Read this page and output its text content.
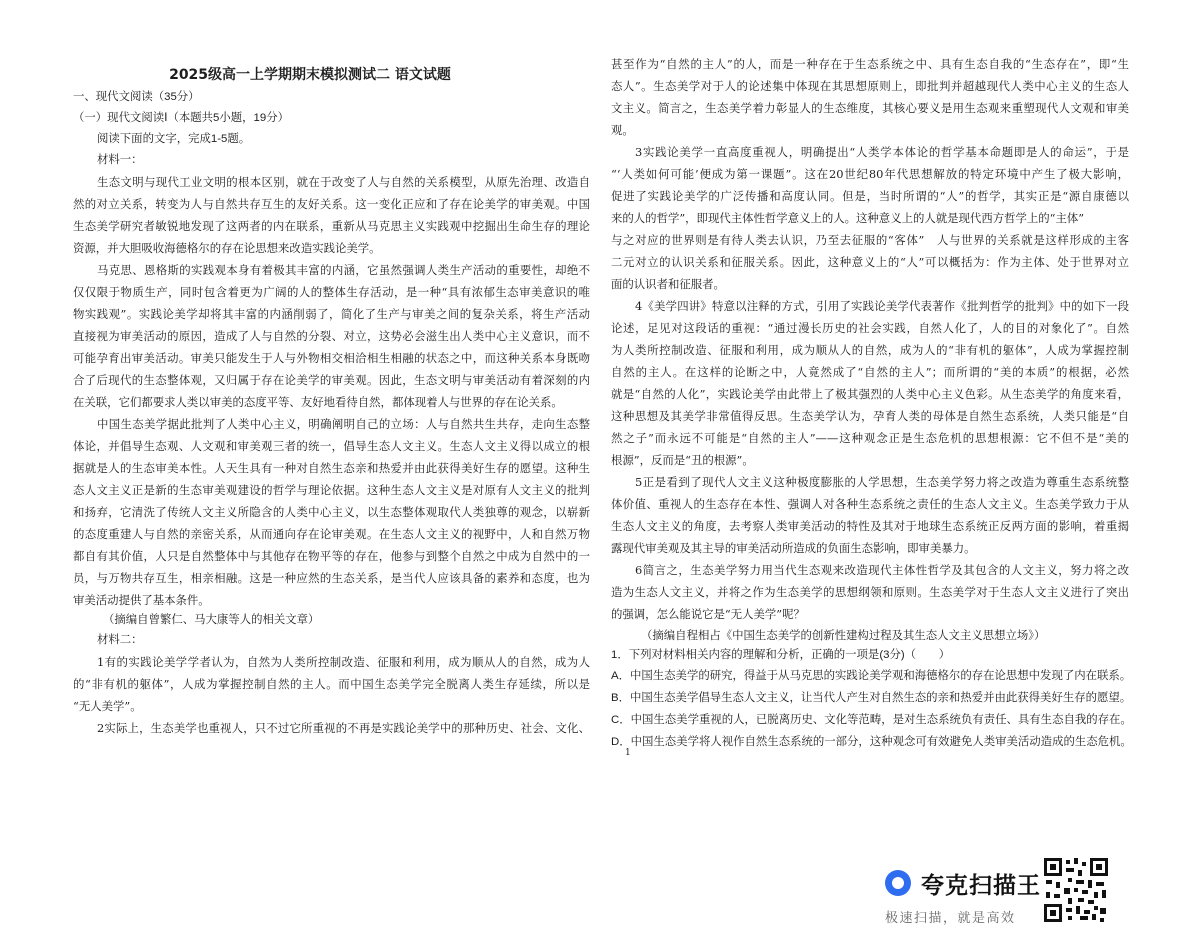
2025级高一上学期期末模拟测试二 语文试题
一、现代文阅读（35分）
（一）现代文阅读Ⅰ（本题共5小题，19分）
阅读下面的文字，完成1-5题。
材料一：
生态文明与现代工业文明的根本区别，就在于改变了人与自然的关系模型，从原先治理、改造自
然的对立关系，转变为人与自然共存互生的友好关系。这一变化正应和了存在论美学的审美观。中国
生态美学研究者敏锐地发现了这两者的内在联系，重新从马克思主义实践观中挖掘出生命生存的理论
资源，并大胆吸收海德格尔的存在论思想来改造实践论美学。
马克思、恩格斯的实践观本身有着极其丰富的内涵，它虽然强调人类生产活动的重要性，却绝不
仅仅限于物质生产，同时包含着更为广阔的人的整体生存活动，是一种“具有浓郁生态审美意识的唯
物实践观”。实践论美学却将其丰富的内涵削弱了，简化了生产与审美之间的复杂关系，将生产活动
直接视为审美活动的原因，造成了人与自然的分裂、对立，这势必会滋生出人类中心主义意识，而不
可能孕育出审美活动。审美只能发生于人与外物相交相洽相生相融的状态之中，而这种关系本身既吻
合了后现代的生态整体观，又归属于存在论美学的审美观。因此，生态文明与审美活动有着深刻的内
在关联，它们都要求人类以审美的态度平等、友好地看待自然，都体现着人与世界的存在论关系。
中国生态美学据此批判了人类中心主义，明确阐明自己的立场：人与自然共生共存，走向生态整
体论，并倡导生态观、人文观和审美观三者的统一，倡导生态人文主义。生态人文主义得以成立的根
据就是人的生态审美本性。人天生具有一种对自然生态亲和热爱并由此获得美好生存的愿望。这种生
态人文主义正是新的生态审美观建设的哲学与理论依据。这种生态人文主义是对原有人文主义的批判
和扬弃，它清洗了传统人文主义所隐含的人类中心主义，以生态整体观取代人类独尊的观念，以崭新
的态度重建人与自然的亲密关系，从而通向存在论审美观。在生态人文主义的视野中，人和自然万物
都自有其价值，人只是自然整体中与其他存在物平等的存在，他参与到整个自然之中成为自然中的一
员，与万物共存互生，相亲相融。这是一种应然的生态关系，是当代人应该具备的素养和态度，也为
审美活动提供了基本条件。
（摘编自曾繁仁、马大康等人的相关文章）
材料二：
1有的实践论美学学者认为，自然为人类所控制改造、征服和利用，成为顺从人的自然，成为人
的“非有机的躯体”，人成为掌握控制自然的主人。而中国生态美学完全脱离人类生存延续，所以是
“无人美学”。
2实际上，生态美学也重视人，只不过它所重视的不再是实践论美学中的那种历史、社会、文化、
甚至作为“自然的主人”的人，而是一种存在于生态系统之中、具有生态自我的“生态存在”，即“生
态人”。生态美学对于人的论述集中体现在其思想原则上，即批判并超越现代人类中心主义的生态人
文主义。简言之，生态美学着力彰显人的生态维度，其核心要义是用生态观来重塑现代人文观和审美
观。
3实践论美学一直高度重视人，明确提出“人类学本体论的哲学基本命题即是人的命运”，于是
“‘人类如何可能’便成为第一课题”。这在20世纪80年代思想解放的特定环境中产生了极大影响，
促进了实践论美学的广泛传播和高度认同。但是，当时所谓的“人”的哲学，其实正是“源自康德以
来的人的哲学”，即现代主体性哲学意义上的人。这种意义上的人就是现代西方哲学上的“主体”
与之对应的世界则是有待人类去认识，乃至去征服的“客体”　人与世界的关系就是这样形成的主客
二元对立的认识关系和征服关系。因此，这种意义上的“人”可以概括为：作为主体、处于世界对立
面的认识者和征服者。
4《美学四讲》特意以注释的方式，引用了实践论美学代表著作《批判哲学的批判》中的如下一段
论述，足见对这段话的重视：“通过漫长历史的社会实践，自然人化了，人的目的对象化了”。自然
为人类所控制改造、征服和利用，成为顺从人的自然，成为人的“非有机的躯体”，人成为掌握控制
自然的主人。在这样的论断之中，人竟然成了“自然的主人”；而所谓的“美的本质”的根据，必然
就是“自然的人化”，实践论美学由此带上了极其强烈的人类中心主义色彩。从生态美学的角度来看，
这种思想及其美学非常值得反思。生态美学认为，孕育人类的母体是自然生态系统，人类只能是“自
然之子”而永远不可能是“自然的主人”——这种观念正是生态危机的思想根源：它不但不是“美的
根源”，反而是“丑的根源”。
5正是看到了现代人文主义这种极度膨胀的人学思想，生态美学努力将之改造为尊重生态系统整
体价值、重视人的生态存在本性、强调人对各种生态系统之责任的生态人文主义。生态美学致力于从
生态人文主义的角度，去考察人类审美活动的特性及其对于地球生态系统正反两方面的影响，着重揭
露现代审美观及其主导的审美活动所造成的负面生态影响，即审美暴力。
6简言之，生态美学努力用当代生态观来改造现代主体性哲学及其包含的人文主义，努力将之改
造为生态人文主义，并将之作为生态美学的思想纲领和原则。生态美学对于生态人文主义进行了突出
的强调，怎么能说它是“无人美学”呢？
（摘编自程相占《中国生态美学的创新性建构过程及其生态人文主义思想立场》）
1．下列对材料相关内容的理解和分析，正确的一项是(3分)（　　）
A．中国生态美学的研究，得益于从马克思的实践论美学观和海德格尔的存在论思想中发现了内在联系。
B．中国生态美学倡导生态人文主义，让当代人产生对自然生态的亲和热爱并由此获得美好生存的愿望。
C．中国生态美学重视的人，已脱离历史、文化等范畴，是对生态系统负有责任、具有生态自我的存在。
D．中国生态美学将人视作自然生态系统的一部分，这种观念可有效避免人类审美活动造成的生态危机。
1
夸克扫描王
极速扫描，就是高效
